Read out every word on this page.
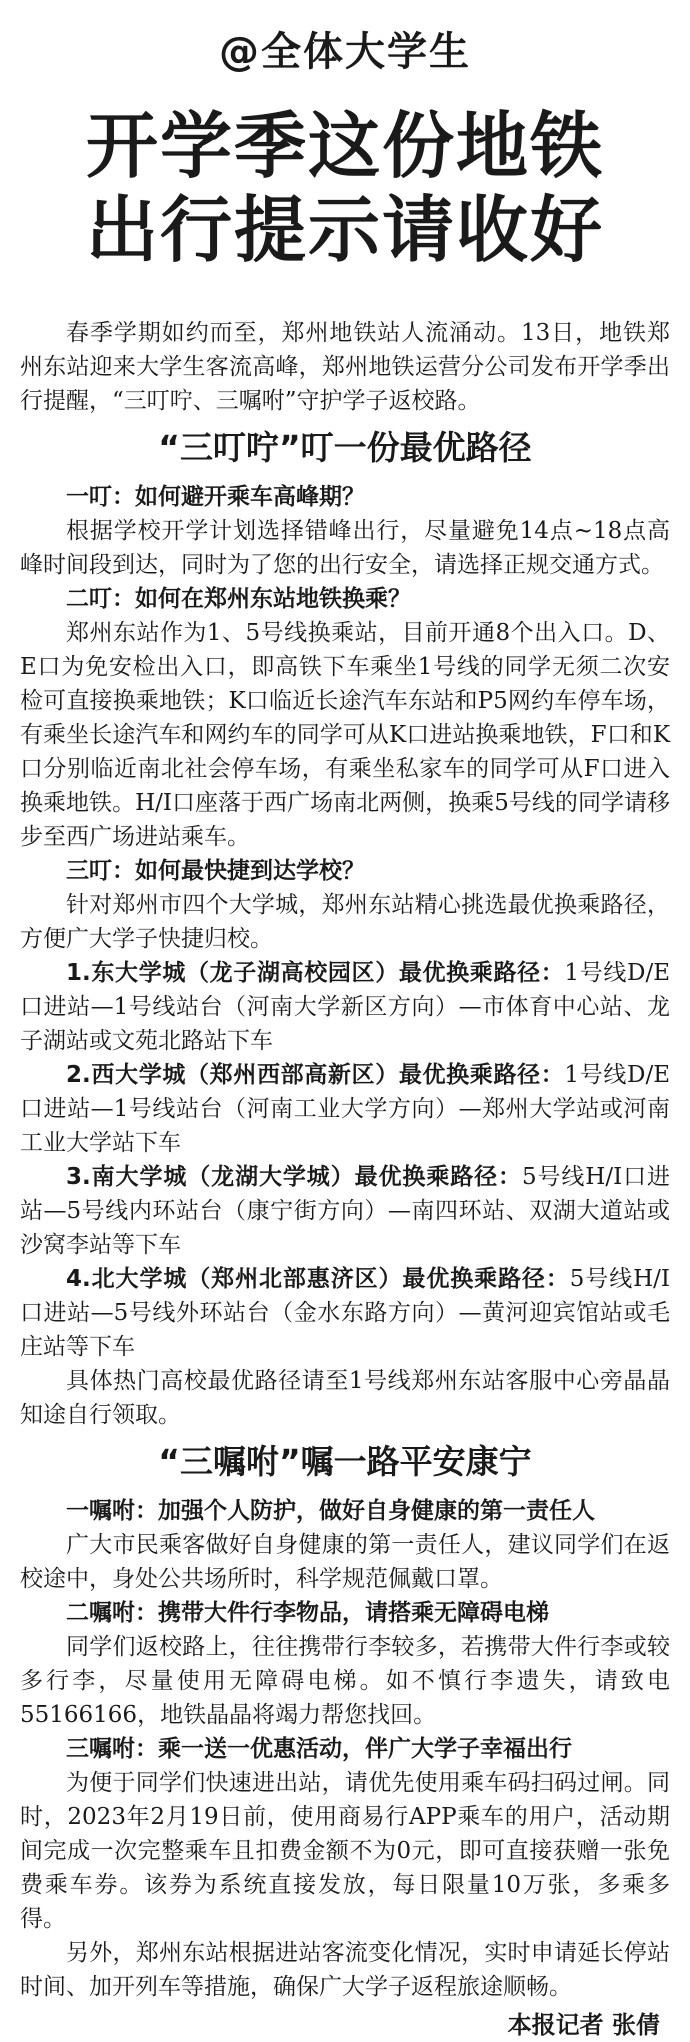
@全体大学生
开学季这份地铁
出行提示请收好

春季学期如约而至，郑州地铁站人流涌动。13日，地铁郑州东站迎来大学生客流高峰，郑州地铁运营分公司发布开学季出行提醒，“三叮咛、三嘱咐”守护学子返校路。

“三叮咛”叮一份最优路径

一叮：如何避开乘车高峰期？

根据学校开学计划选择错峰出行，尽量避免14点~18点高峰时间段到达，同时为了您的出行安全，请选择正规交通方式。

二叮：如何在郑州东站地铁换乘？

郑州东站作为1、5号线换乘站，目前开通8个出入口。D、E口为免安检出入口，即高铁下车乘坐1号线的同学无须二次安检可直接换乘地铁；K口临近长途汽车东站和P5网约车停车场，有乘坐长途汽车和网约车的同学可从K口进站换乘地铁，F口和K口分别临近南北社会停车场，有乘坐私家车的同学可从F口进入换乘地铁。H/I口座落于西广场南北两侧，换乘5号线的同学请移步至西广场进站乘车。

三叮：如何最快捷到达学校？

针对郑州市四个大学城，郑州东站精心挑选最优换乘路径，方便广大学子快捷归校。

1.东大学城（龙子湖高校园区）最优换乘路径：1号线D/E口进站—1号线站台（河南大学新区方向）—市体育中心站、龙子湖站或文苑北路站下车

2.西大学城（郑州西部高新区）最优换乘路径：1号线D/E口进站—1号线站台（河南工业大学方向）—郑州大学站或河南工业大学站下车

3.南大学城（龙湖大学城）最优换乘路径：5号线H/I口进站—5号线内环站台（康宁街方向）—南四环站、双湖大道站或沙窝李站等下车

4.北大学城（郑州北部惠济区）最优换乘路径：5号线H/I口进站—5号线外环站台（金水东路方向）—黄河迎宾馆站或毛庄站等下车

具体热门高校最优路径请至1号线郑州东站客服中心旁晶晶知途自行领取。

“三嘱咐”嘱一路平安康宁

一嘱咐：加强个人防护，做好自身健康的第一责任人

广大市民乘客做好自身健康的第一责任人，建议同学们在返校途中，身处公共场所时，科学规范佩戴口罩。

二嘱咐：携带大件行李物品，请搭乘无障碍电梯

同学们返校路上，往往携带行李较多，若携带大件行李或较多行李，尽量使用无障碍电梯。如不慎行李遗失，请致电55166166，地铁晶晶将竭力帮您找回。

三嘱咐：乘一送一优惠活动，伴广大学子幸福出行

为便于同学们快速进出站，请优先使用乘车码扫码过闸。同时，2023年2月19日前，使用商易行APP乘车的用户，活动期间完成一次完整乘车且扣费金额不为0元，即可直接获赠一张免费乘车券。该券为系统直接发放，每日限量10万张，多乘多得。

另外，郑州东站根据进站客流变化情况，实时申请延长停站时间、加开列车等措施，确保广大学子返程旅途顺畅。

本报记者 张倩
